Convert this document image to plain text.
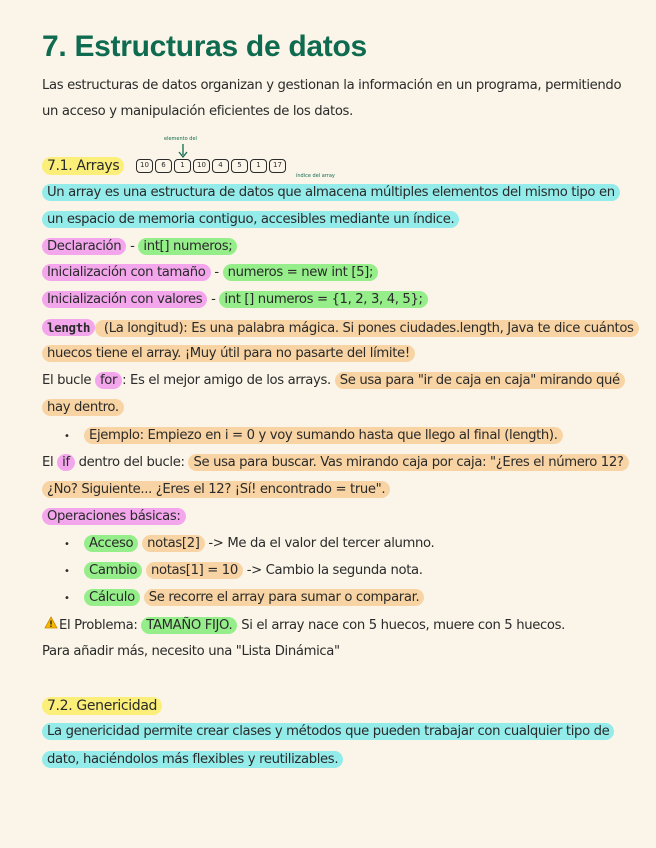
7. Estructuras de datos
Las estructuras de datos organizan y gestionan la información en un programa, permitiendo
un acceso y manipulación eficientes de los datos.
7.1. Arrays
elemento del
10	6	1	10	4	5	1	17
índice del array
Un array es una estructura de datos que almacena múltiples elementos del mismo tipo en
un espacio de memoria contiguo, accesibles mediante un índice.
Declaración - int[] numeros;
Inicialización con tamaño - numeros = new int [5];
Inicialización con valores - int [] numeros = {1, 2, 3, 4, 5};
length (La longitud): Es una palabra mágica. Si pones ciudades.length, Java te dice cuántos
huecos tiene el array. ¡Muy útil para no pasarte del límite!
El bucle for : Es el mejor amigo de los arrays. Se usa para "ir de caja en caja" mirando qué
hay dentro.
•	Ejemplo: Empiezo en i = 0 y voy sumando hasta que llego al final (length).
El if dentro del bucle: Se usa para buscar. Vas mirando caja por caja: "¿Eres el número 12?
¿No? Siguiente... ¿Eres el 12? ¡Sí! encontrado = true".
Operaciones básicas:
•	Acceso notas[2] -> Me da el valor del tercer alumno.
•	Cambio notas[1] = 10 -> Cambio la segunda nota.
•	Cálculo Se recorre el array para sumar o comparar.
El Problema: TAMAÑO FIJO. Si el array nace con 5 huecos, muere con 5 huecos.
Para añadir más, necesito una "Lista Dinámica"
7.2. Genericidad
La genericidad permite crear clases y métodos que pueden trabajar con cualquier tipo de
dato, haciéndolos más flexibles y reutilizables.
